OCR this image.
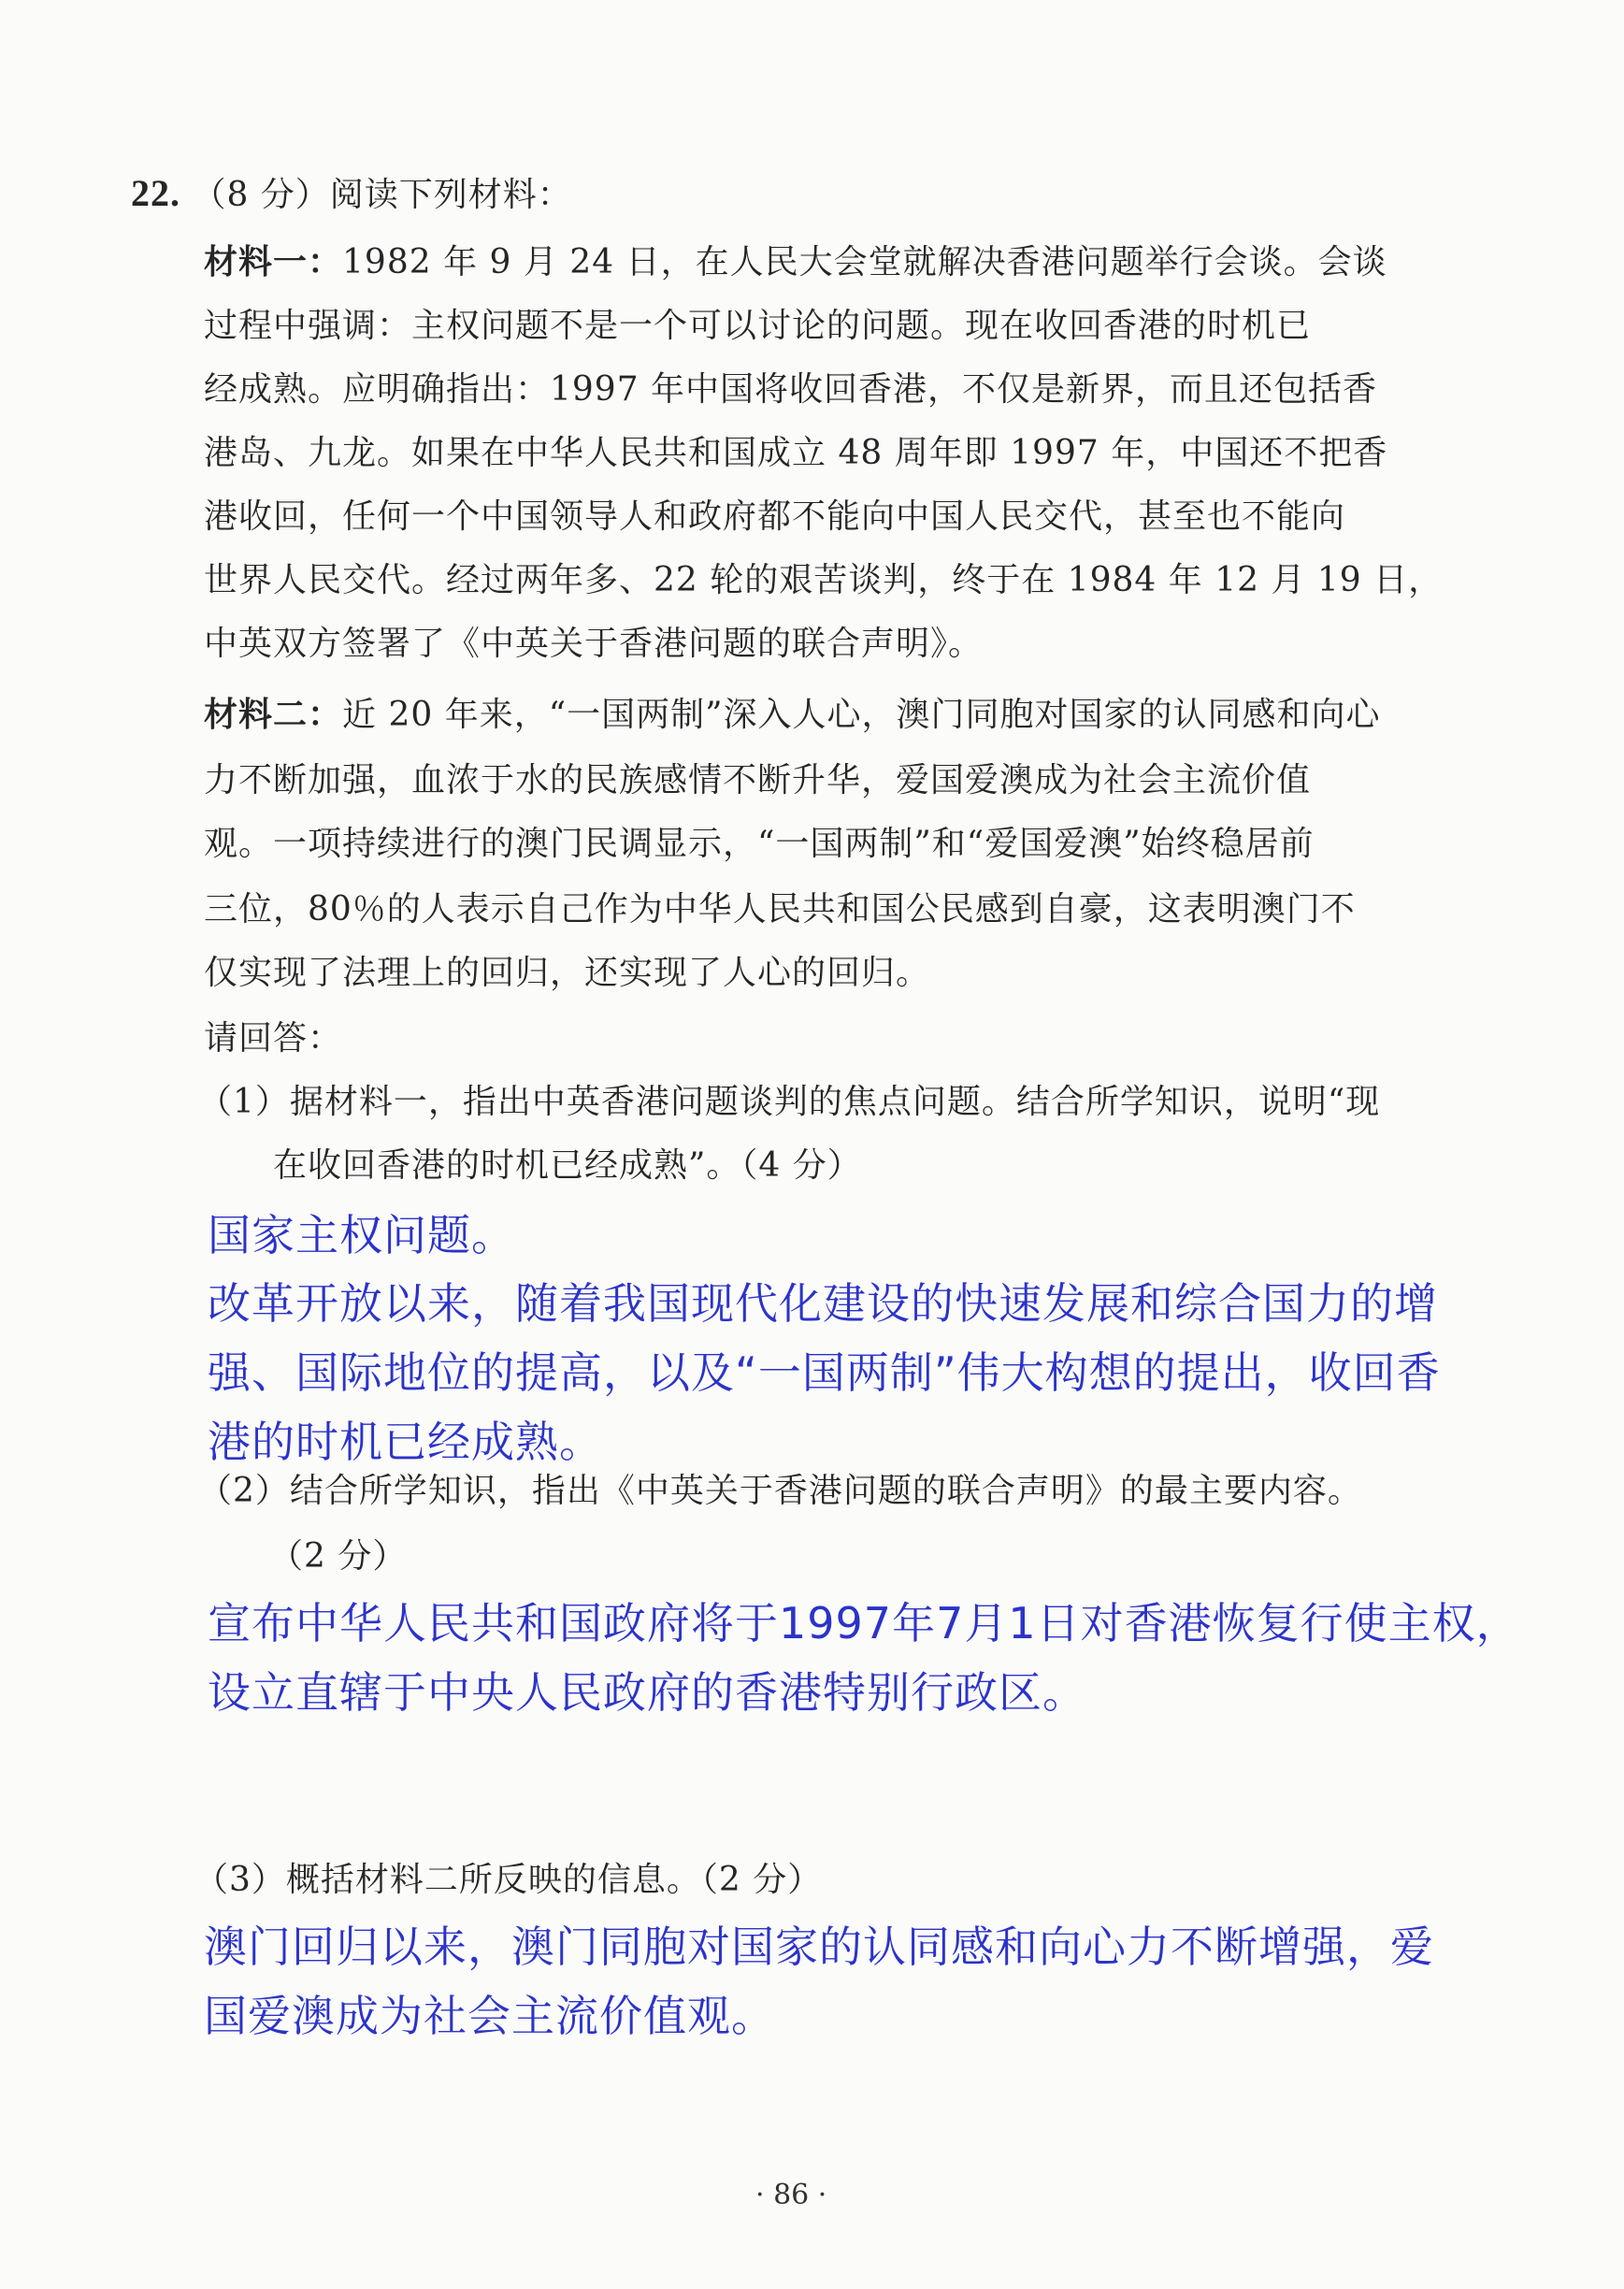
22. （8 分）阅读下列材料：
材料一：1982 年 9 月 24 日，在人民大会堂就解决香港问题举行会谈。会谈
过程中强调：主权问题不是一个可以讨论的问题。现在收回香港的时机已
经成熟。应明确指出：1997 年中国将收回香港，不仅是新界，而且还包括香
港岛、九龙。如果在中华人民共和国成立 48 周年即 1997 年，中国还不把香
港收回，任何一个中国领导人和政府都不能向中国人民交代，甚至也不能向
世界人民交代。经过两年多、22 轮的艰苦谈判，终于在 1984 年 12 月 19 日，
中英双方签署了《中英关于香港问题的联合声明》。
材料二：近 20 年来，“一国两制”深入人心，澳门同胞对国家的认同感和向心
力不断加强，血浓于水的民族感情不断升华，爱国爱澳成为社会主流价值
观。一项持续进行的澳门民调显示，“一国两制”和“爱国爱澳”始终稳居前
三位，80％的人表示自己作为中华人民共和国公民感到自豪，这表明澳门不
仅实现了法理上的回归，还实现了人心的回归。
请回答：
（1）据材料一，指出中英香港问题谈判的焦点问题。结合所学知识，说明“现
在收回香港的时机已经成熟”。（4 分）
国家主权问题。
改革开放以来，随着我国现代化建设的快速发展和综合国力的增
强、国际地位的提高，以及“一国两制”伟大构想的提出，收回香
港的时机已经成熟。
（2）结合所学知识，指出《中英关于香港问题的联合声明》的最主要内容。
（2 分）
宣布中华人民共和国政府将于1997年7月1日对香港恢复行使主权，
设立直辖于中央人民政府的香港特别行政区。
（3）概括材料二所反映的信息。（2 分）
澳门回归以来，澳门同胞对国家的认同感和向心力不断增强，爱
国爱澳成为社会主流价值观。
· 86 ·
